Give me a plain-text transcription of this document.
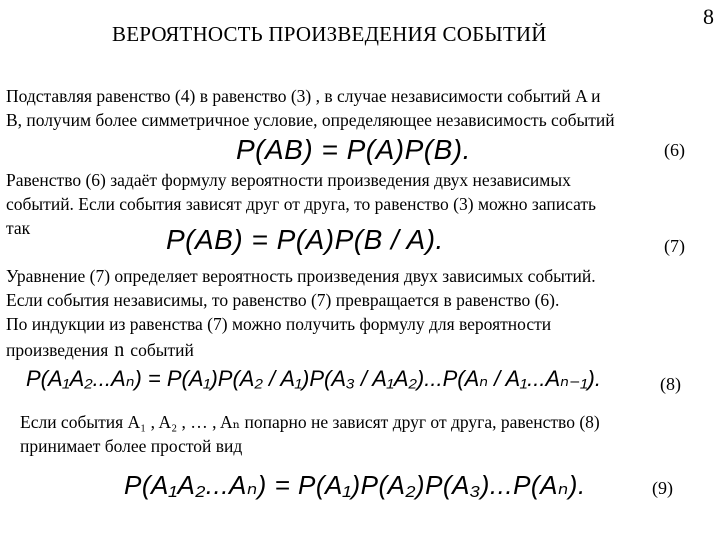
8
ВЕРОЯТНОСТЬ ПРОИЗВЕДЕНИЯ СОБЫТИЙ
Подставляя равенство (4) в равенство (3) , в случае независимости событий A и
B, получим более симметричное условие, определяющее независимость событий
P(AB) = P(A)P(B).	(6)
Равенство (6) задаёт формулу вероятности произведения двух независимых
событий. Если события зависят друг от друга, то равенство (3) можно записать
так	P(AB) = P(A)P(B / A).	(7)
Уравнение (7) определяет вероятность произведения двух зависимых событий.
Если события независимы, то равенство (7) превращается в равенство (6).
По индукции из равенства (7) можно получить формулу для вероятности
произведения n событий
P(A₁A₂...Aₙ) = P(A₁)P(A₂ / A₁)P(A₃ / A₁A₂)...P(Aₙ / A₁...Aₙ₋₁).	(8)
Если события A₁ , A₂ , … , Aₙ попарно не зависят друг от друга, равенство (8)
принимает более простой вид
P(A₁A₂...Aₙ) = P(A₁)P(A₂)P(A₃)...P(Aₙ).	(9)
